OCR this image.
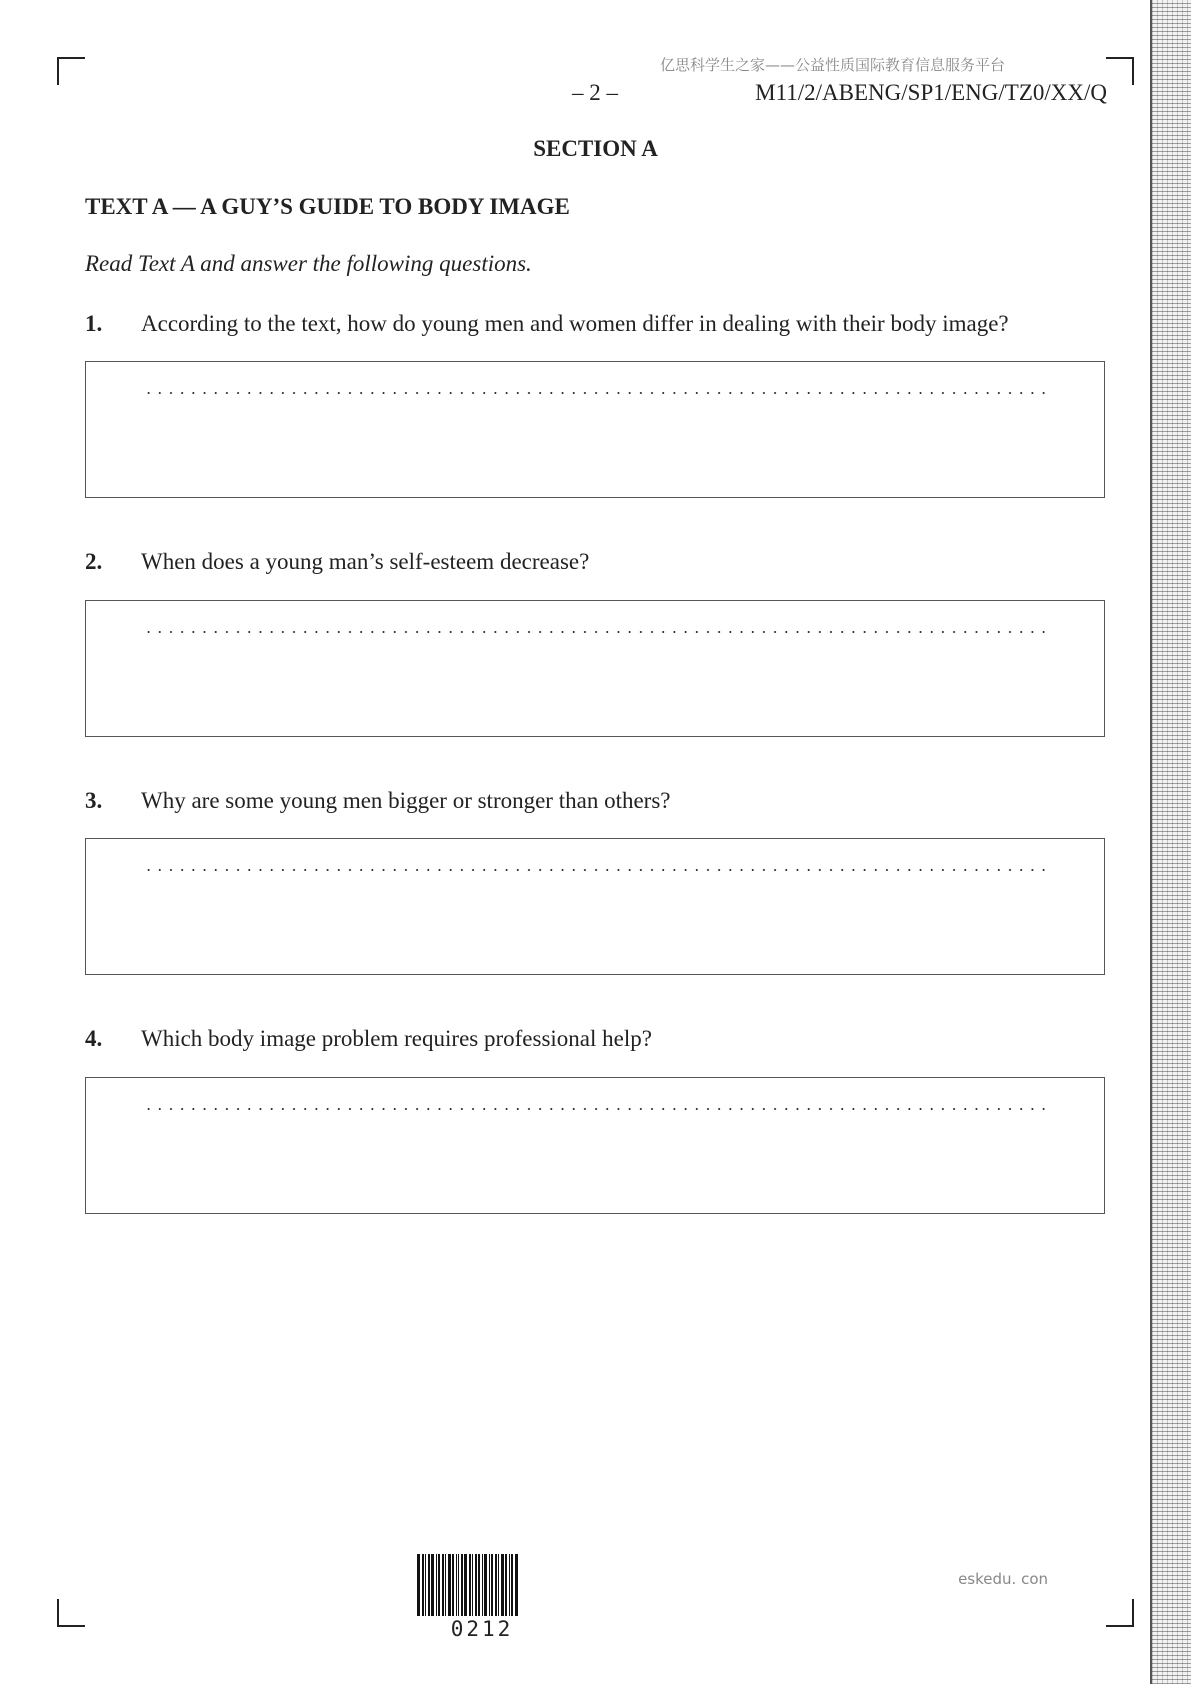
亿思科学生之家——公益性质国际教育信息服务平台
– 2 –	M11/2/ABENG/SP1/ENG/TZ0/XX/Q
SECTION A
TEXT A — A GUY’S GUIDE TO BODY IMAGE
Read Text A and answer the following questions.
1. According to the text, how do young men and women differ in dealing with their body image?
2. When does a young man’s self-esteem decrease?
3. Why are some young men bigger or stronger than others?
4. Which body image problem requires professional help?
0212
eskedu. con
